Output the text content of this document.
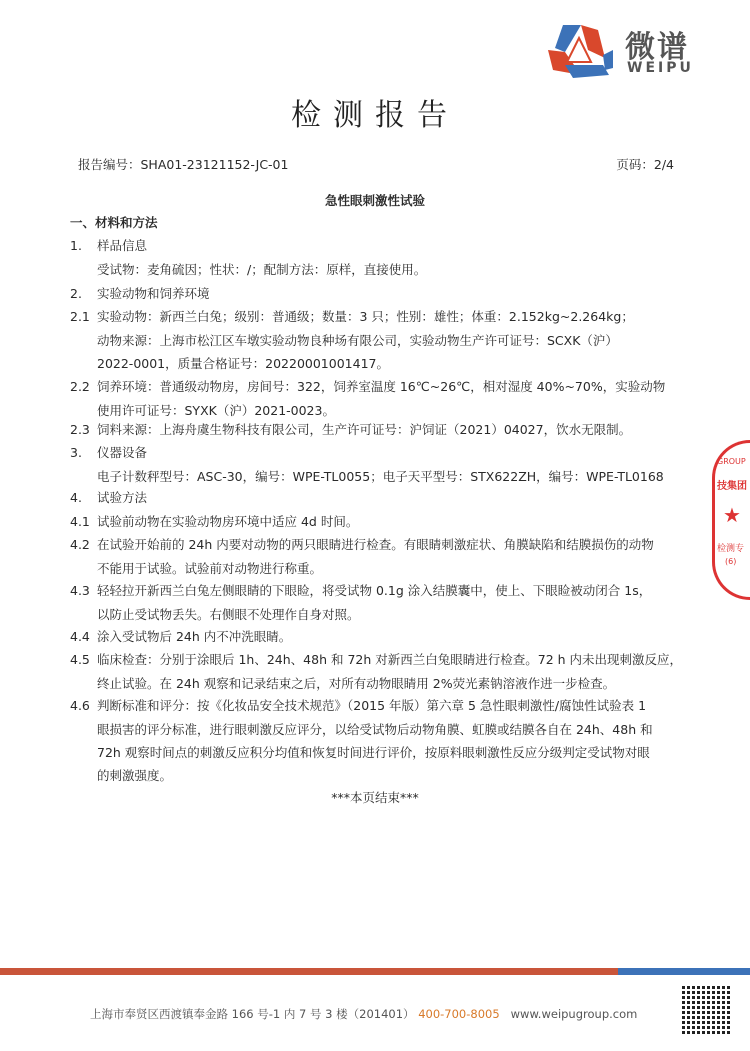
微谱
WEIPU
检测报告
报告编号：SHA01-23121152-JC-01	页码：2/4
急性眼刺激性试验
一、材料和方法
1. 样品信息
受试物：麦角硫因；性状：/；配制方法：原样，直接使用。
2. 实验动物和饲养环境
2.1 实验动物：新西兰白兔；级别：普通级；数量：3 只；性别：雄性；体重：2.152kg~2.264kg；
动物来源：上海市松江区车墩实验动物良种场有限公司，实验动物生产许可证号：SCXK（沪）
2022-0001，质量合格证号：20220001001417。
2.2 饲养环境：普通级动物房，房间号：322，饲养室温度 16℃~26℃，相对湿度 40%~70%，实验动物
使用许可证号：SYXK（沪）2021-0023。
2.3 饲料来源：上海舟虞生物科技有限公司，生产许可证号：沪饲证（2021）04027，饮水无限制。
3. 仪器设备
电子计数秤型号：ASC-30，编号：WPE-TL0055；电子天平型号：STX622ZH，编号：WPE-TL0168
4. 试验方法
4.1 试验前动物在实验动物房环境中适应 4d 时间。
4.2 在试验开始前的 24h 内要对动物的两只眼睛进行检查。有眼睛刺激症状、角膜缺陷和结膜损伤的动物
不能用于试验。试验前对动物进行称重。
4.3 轻轻拉开新西兰白兔左侧眼睛的下眼睑，将受试物 0.1g 涂入结膜囊中，使上、下眼睑被动闭合 1s，
以防止受试物丢失。右侧眼不处理作自身对照。
4.4 涂入受试物后 24h 内不冲洗眼睛。
4.5 临床检查：分别于涂眼后 1h、24h、48h 和 72h 对新西兰白兔眼睛进行检查。72 h 内未出现刺激反应，
终止试验。在 24h 观察和记录结束之后，对所有动物眼睛用 2%荧光素钠溶液作进一步检查。
4.6 判断标准和评分：按《化妆品安全技术规范》（2015 年版）第六章 5 急性眼刺激性/腐蚀性试验表 1
眼损害的评分标准，进行眼刺激反应评分，以给受试物后动物角膜、虹膜或结膜各自在 24h、48h 和
72h 观察时间点的刺激反应积分均值和恢复时间进行评价，按原料眼刺激性反应分级判定受试物对眼
的刺激强度。
***本页结束***
GROUP
技集团
★
检测专
(6)
上海市奉贤区西渡镇奉金路 166 号-1 内 7 号 3 楼（201401） 400-700-8005 www.weipugroup.com
